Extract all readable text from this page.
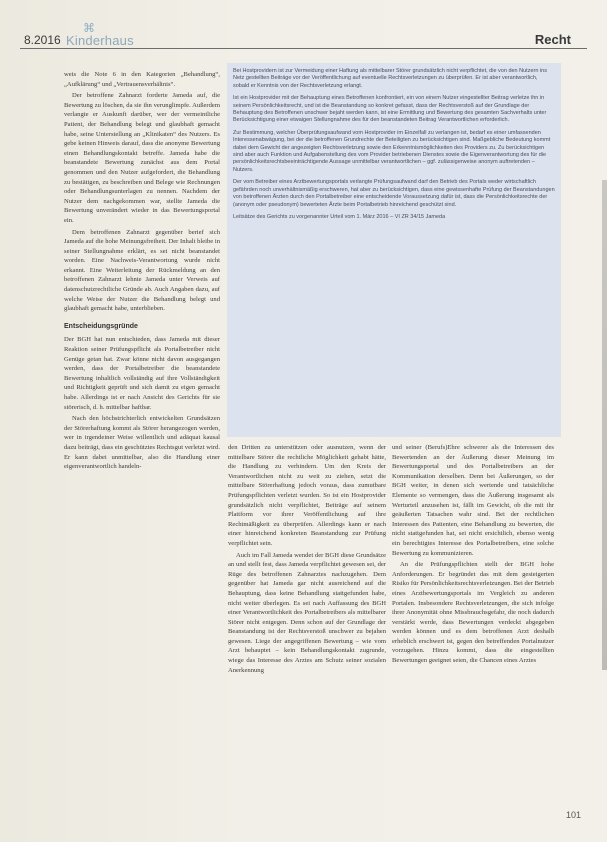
8.2016
⌘
Kinderhaus	Recht

weis die Note 6 in den Kategorien „Behandlung“, „Aufklärung“ und „Vertrauensverhältnis“.

Der betroffene Zahnarzt forderte Jameda auf, die Bewertung zu löschen, da sie ihn verunglimpfe. Außerdem verlangte er Auskunft darüber, wer der vermeintliche Patient, der Behandlung belegt und glaubhaft gemacht habe, seine Unterstellung an „Klinikaten“ des Nutzers. Es gebe keinen Hinweis darauf, dass die anonyme Bewertung einen Behandlungskontakt betreffe. Jameda habe die beanstandete Bewertung zunächst aus dem Portal genommen und den Nutzer aufgefordert, die Behandlung zu bestätigen, zu beschreiben und Belege wie Rechnungen oder Behandlungsunterlagen zu nennen. Nachdem der Nutzer dem nachgekommen war, stellte Jameda die Bewertung unverändert wieder in das Bewertungsportal ein.

Dem betroffenen Zahnarzt gegenüber berief sich Jameda auf die hohe Meinungsfreiheit. Der Inhalt bleibe in seiner Stellungnahme erklärt, es sei nicht beanstandet worden. Eine Nachweis-Verantwortung wurde nicht erkannt. Eine Weiterleitung der Rückmeldung an den betroffenen Zahnarzt lehnte Jameda unter Verweis auf datenschutzrechtliche Gründe ab. Auch Angaben dazu, auf welche Weise der Nutzer die Behandlung belegt und glaubhaft gemacht habe, unterblieben.

Entscheidungsgründe

Der BGH hat nun entschieden, dass Jameda mit dieser Reaktion seiner Prüfungspflicht als Portalbetreiber nicht Genüge getan hat. Zwar könne nicht davon ausgegangen werden, dass der Portalbetreiber die beanstandete Bewertung inhaltlich vollständig auf ihre Vollständigkeit und Richtigkeit geprüft und sich damit zu eigen gemacht habe. Allerdings ist er nach Ansicht des Gerichts für sie störerisch, d. h. mittelbar haftbar.

Nach den höchstrichterlich entwickelten Grundsätzen der Störerhaftung kommt als Störer herangezogen werden, wer in irgendeiner Weise willentlich und adäquat kausal dazu beiträgt, dass ein geschütztes Rechtsgut verletzt wird. Er kann dabei unmittelbar, also die Handlung einer eigenverantwortlich handeln-

Bei Hostprovidern ist zur Vermeidung einer Haftung als mittelbarer Störer grundsätzlich nicht verpflichtet, die von den Nutzern ins Netz gestellten Beiträge vor der Veröffentlichung auf eventuelle Rechtsverletzungen zu überprüfen. Er ist aber verantwortlich, sobald er Kenntnis von der Rechtsverletzung erlangt.

Ist ein Hostprovider mit der Behauptung eines Betroffenen konfrontiert, ein von einem Nutzer eingestellter Beitrag verletze ihn in seinem Persönlichkeitsrecht, und ist die Beanstandung so konkret gefasst, dass der Rechtsverstoß auf der Grundlage der Behauptung des Betroffenen unschwer bejaht werden kann, ist eine Ermittlung und Bewertung des gesamten Sachverhalts unter Berücksichtigung einer etwaigen Stellungnahme des für den beanstandeten Beitrag Verantwortlichen erforderlich.

Zur Bestimmung, welcher Überprüfungsaufwand vom Hostprovider im Einzelfall zu verlangen ist, bedarf es einer umfassenden Interessenabwägung, bei der die betroffenen Grundrechte der Beteiligten zu berücksichtigen sind. Maßgebliche Bedeutung kommt dabei dem Gewicht der angezeigten Rechtsverletzung sowie den Erkenntnismöglichkeiten des Providers zu. Zu berücksichtigen sind aber auch Funktion und Aufgabenstellung des vom Provider betriebenen Dienstes sowie die Eigenverantwortung des für die persönlichkeitsrechtsbeeinträchtigende Aussage unmittelbar verantwortlichen – ggf. zulässigerweise anonym auftretenden – Nutzers.

Der vom Betreiber eines Arztbewertungsportals verlangte Prüfungsaufwand darf den Betrieb des Portals weder wirtschaftlich gefährden noch unverhältnismäßig erschweren, hat aber zu berücksichtigen, dass eine gewissenhafte Prüfung der Beanstandungen von betroffenen Ärzten durch den Portalbetreiber eine entscheidende Voraussetzung dafür ist, dass die Persönlichkeitsrechte der (anonym oder pseudonym) bewerteten Ärzte beim Portalbetrieb hinreichend geschützt sind.

Leitsätze des Gerichts zu vorgenannter Urteil vom 1. März 2016 – VI ZR 34/15 Jameda

den Dritten zu unterstützen oder ausnutzen, wenn der mittelbare Störer die rechtliche Möglichkeit gehabt hätte, die Handlung zu verhindern. Um den Kreis der Verantwortlichen nicht zu weit zu ziehen, setzt die mittelbare Störerhaftung jedoch voraus, dass zumutbare Prüfungspflichten verletzt wurden. So ist ein Hostprovider grundsätzlich nicht verpflichtet, Beiträge auf seinem Plattform vor ihrer Veröffentlichung auf ihre Rechtmäßigkeit zu überprüfen. Allerdings kann er nach einer hinreichend konkreten Beanstandung zur Prüfung verpflichtet sein.

Auch im Fall Jameda wendet der BGH diese Grundsätze an und stellt fest, dass Jameda verpflichtet gewesen sei, der Rüge des betroffenen Zahnarztes nachzugehen. Dem gegenüber hat Jameda gar nicht ausreichend auf die Behauptung, dass keine Behandlung stattgefunden habe, nicht weiter überlegen. Es sei nach Auffassung des BGH einer Verantwortlichkeit des Portalbetreibers als mittelbarer Störer nicht entgegen. Denn schon auf der Grundlage der Beanstandung ist der Rechtsverstoß unschwer zu bejahen gewesen. Liege der angegriffenen Bewertung – wie vom Arzt behauptet – kein Behandlungskontakt zugrunde, wiege das Interesse des Arztes am Schutz seiner sozialen Anerkennung

und seiner (Berufs)Ehre schwerer als die Interessen des Bewertenden an der Äußerung dieser Meinung im Bewertungsportal und des Portalbetreibers an der Kommunikation derselben. Denn bei Äußerungen, so der BGH weiter, in denen sich wertende und tatsächliche Elemente so vermengen, dass die Äußerung insgesamt als Werturteil anzusehen ist, fällt im Gewicht, ob die mit ihr geäußerten Tatsachen wahr sind. Bei der rechtlichen Interessen des Patienten, eine Behandlung zu bewerten, die nicht stattgefunden hat, sei nicht ersichtlich, ebenso wenig ein berechtigtes Interesse des Portalbetreibers, eine solche Bewertung zu kommunizieren.

An die Prüfungspflichten stellt der BGH hohe Anforderungen. Er begründet das mit dem gesteigerten Risiko für Persönlichkeitsrechtsverletzungen. Bei der Betrieb eines Arztbewertungsportals im Vergleich zu anderen Portalen. Insbesondere Rechtsverletzungen, die sich infolge ihrer Anonymität ohne Missbrauchsgefahr, die noch dadurch verstärkt werde, dass Bewertungen verdeckt abgegeben werden können und es dem betroffenen Arzt deshalb erheblich erschwert ist, gegen den betreffenden Portalnutzer vorzugehen. Hinzu kommt, dass die eingestellten Bewertungen geeignet seien, die Chancen eines Arztes

101
